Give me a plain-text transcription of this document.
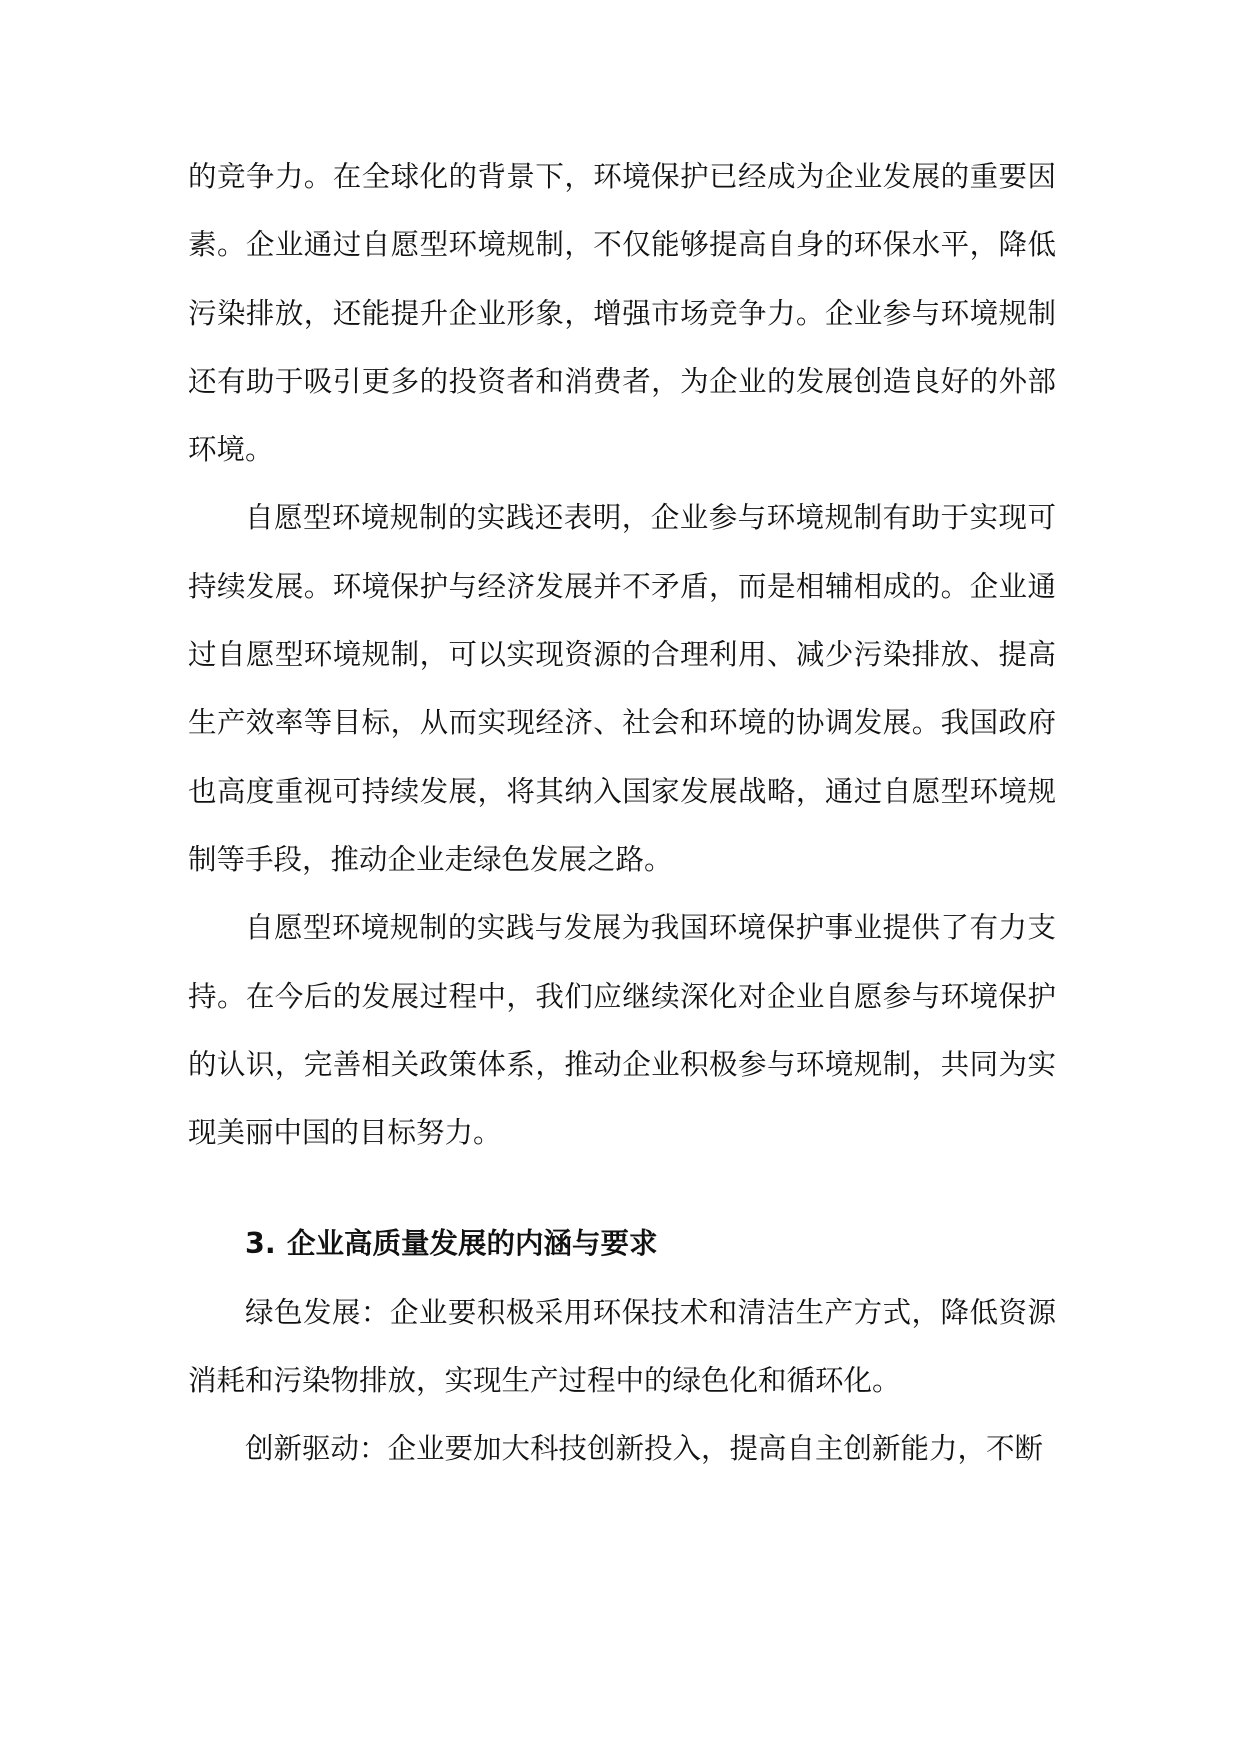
的竞争力。在全球化的背景下，环境保护已经成为企业发展的重要因素。企业通过自愿型环境规制，不仅能够提高自身的环保水平，降低污染排放，还能提升企业形象，增强市场竞争力。企业参与环境规制还有助于吸引更多的投资者和消费者，为企业的发展创造良好的外部环境。

自愿型环境规制的实践还表明，企业参与环境规制有助于实现可持续发展。环境保护与经济发展并不矛盾，而是相辅相成的。企业通过自愿型环境规制，可以实现资源的合理利用、减少污染排放、提高生产效率等目标，从而实现经济、社会和环境的协调发展。我国政府也高度重视可持续发展，将其纳入国家发展战略，通过自愿型环境规制等手段，推动企业走绿色发展之路。

自愿型环境规制的实践与发展为我国环境保护事业提供了有力支持。在今后的发展过程中，我们应继续深化对企业自愿参与环境保护的认识，完善相关政策体系，推动企业积极参与环境规制，共同为实现美丽中国的目标努力。

3. 企业高质量发展的内涵与要求

绿色发展：企业要积极采用环保技术和清洁生产方式，降低资源消耗和污染物排放，实现生产过程中的绿色化和循环化。

创新驱动：企业要加大科技创新投入，提高自主创新能力，不断
